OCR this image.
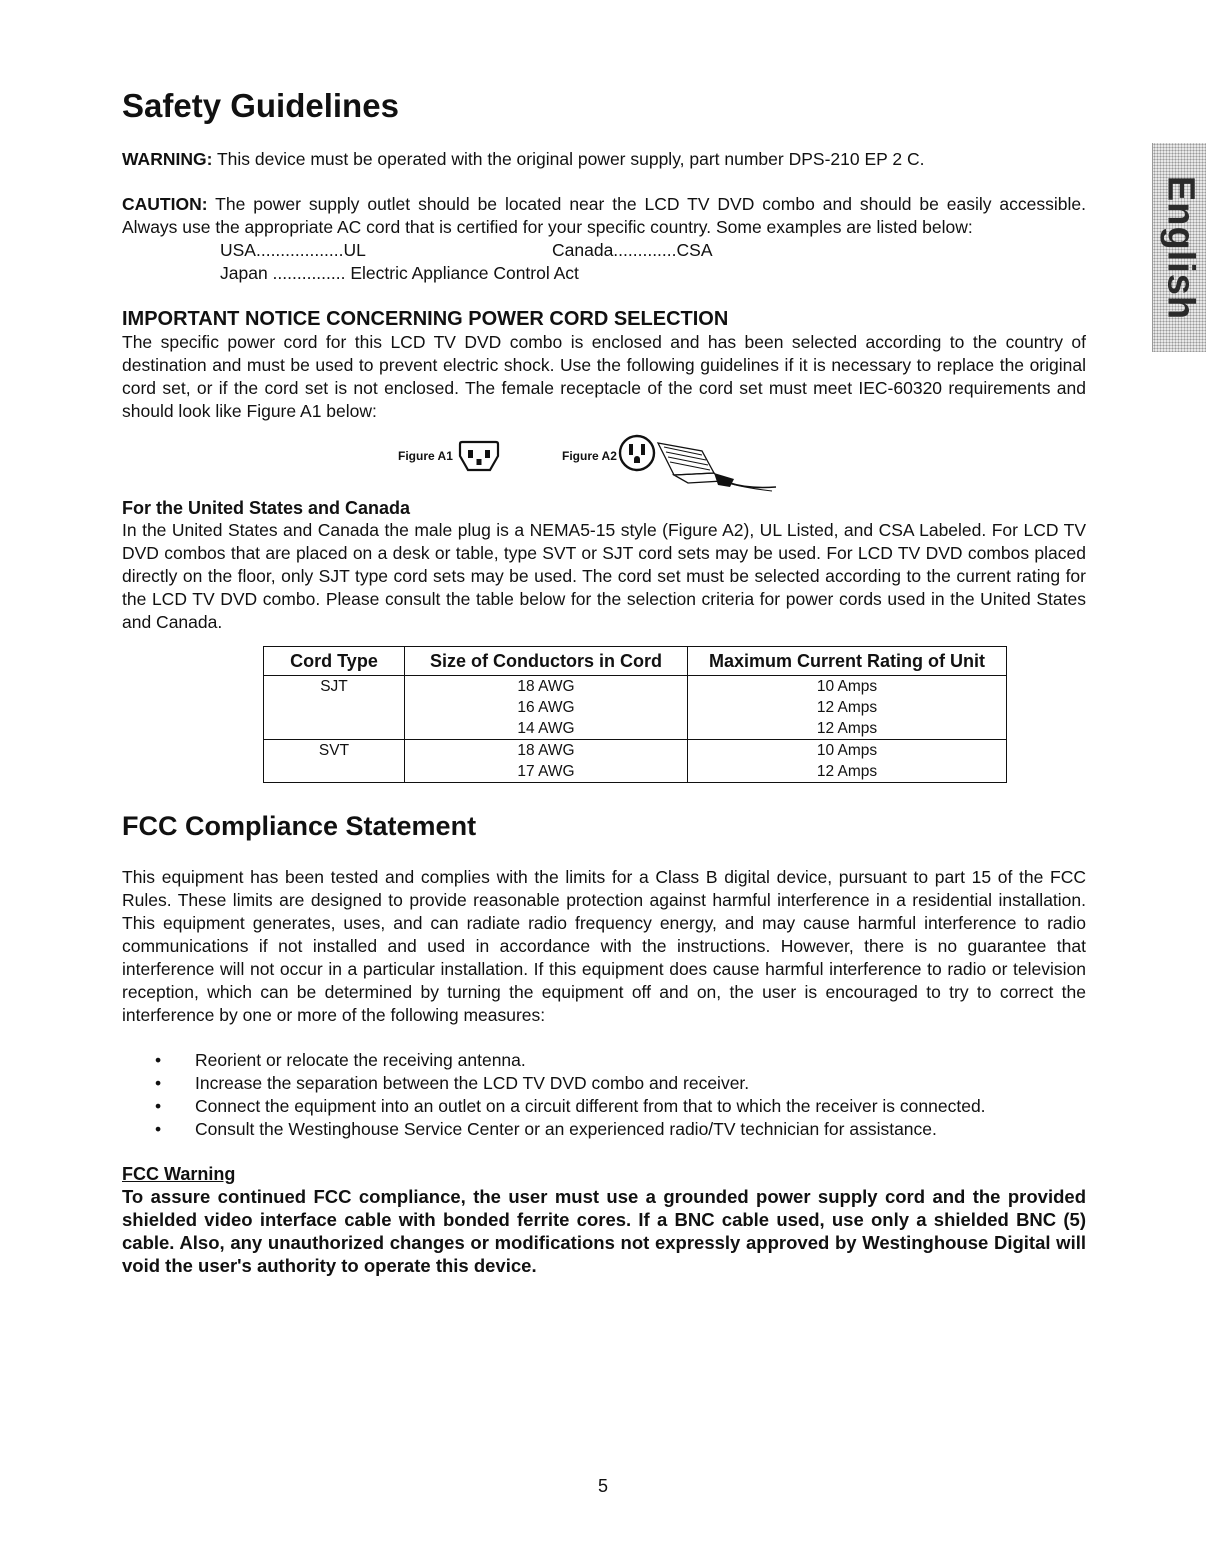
English
Safety Guidelines

WARNING: This device must be operated with the original power supply, part number DPS-210 EP 2 C.

CAUTION: The power supply outlet should be located near the LCD TV DVD combo and should be easily accessible. Always use the appropriate AC cord that is certified for your specific country. Some examples are listed below:

USA..................UL	Canada.............CSA
Japan ............... Electric Appliance Control Act
IMPORTANT NOTICE CONCERNING POWER CORD SELECTION

The specific power cord for this LCD TV DVD combo is enclosed and has been selected according to the country of destination and must be used to prevent electric shock. Use the following guidelines if it is necessary to replace the original cord set, or if the cord set is not enclosed. The female receptacle of the cord set must meet IEC-60320 requirements and should look like Figure A1 below:

Figure A1	Figure A2
For the United States and Canada

In the United States and Canada the male plug is a NEMA5-15 style (Figure A2), UL Listed, and CSA Labeled. For LCD TV DVD combos that are placed on a desk or table, type SVT or SJT cord sets may be used. For LCD TV DVD combos placed directly on the floor, only SJT type cord sets may be used. The cord set must be selected according to the current rating for the LCD TV DVD combo. Please consult the table below for the selection criteria for power cords used in the United States and Canada.

Cord Type	Size of Conductors in Cord	Maximum Current Rating of Unit
SJT	18 AWG	10 Amps
	16 AWG	12 Amps
	14 AWG	12 Amps
SVT	18 AWG	10 Amps
	17 AWG	12 Amps
FCC Compliance Statement

This equipment has been tested and complies with the limits for a Class B digital device, pursuant to part 15 of the FCC Rules. These limits are designed to provide reasonable protection against harmful interference in a residential installation. This equipment generates, uses, and can radiate radio frequency energy, and may cause harmful interference to radio communications if not installed and used in accordance with the instructions. However, there is no guarantee that interference will not occur in a particular installation. If this equipment does cause harmful interference to radio or television reception, which can be determined by turning the equipment off and on, the user is encouraged to try to correct the interference by one or more of the following measures:

• Reorient or relocate the receiving antenna.
• Increase the separation between the LCD TV DVD combo and receiver.
• Connect the equipment into an outlet on a circuit different from that to which the receiver is connected.
• Consult the Westinghouse Service Center or an experienced radio/TV technician for assistance.
FCC Warning
To assure continued FCC compliance, the user must use a grounded power supply cord and the provided shielded video interface cable with bonded ferrite cores. If a BNC cable used, use only a shielded BNC (5) cable. Also, any unauthorized changes or modifications not expressly approved by Westinghouse Digital will void the user's authority to operate this device.
5
